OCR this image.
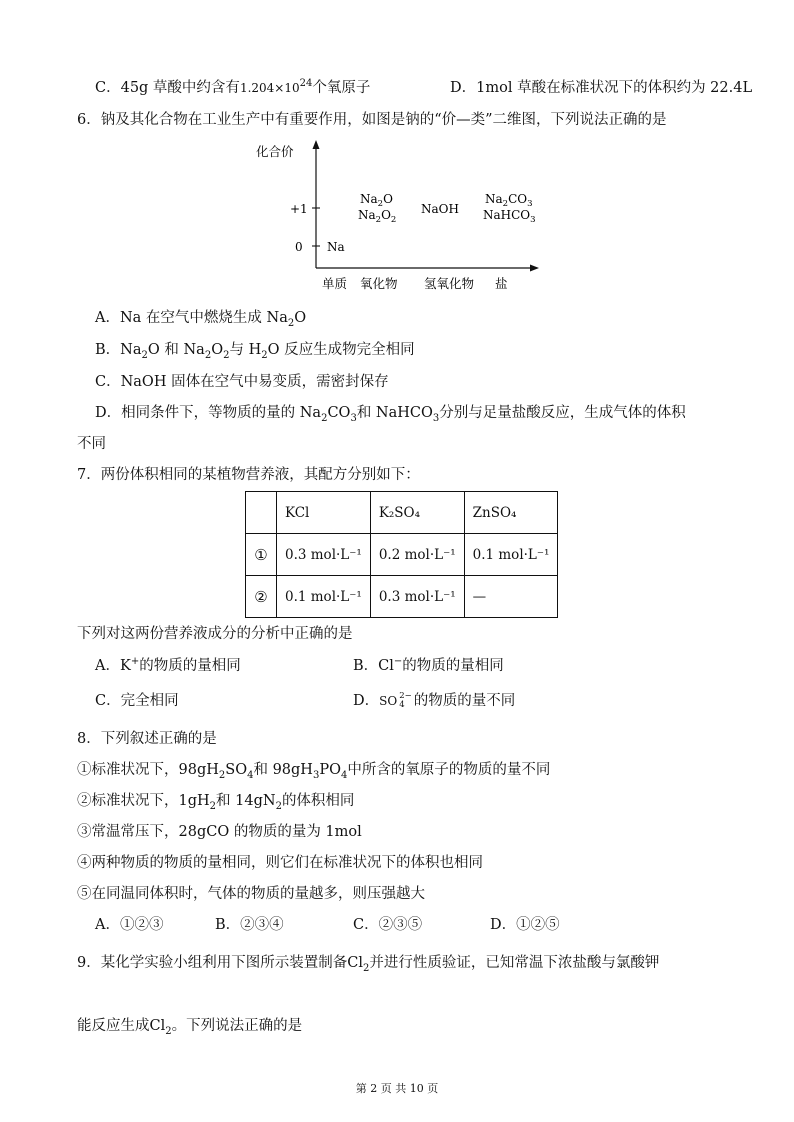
C．45g 草酸中约含有$1.204\times 10^{24}$个氧原子	D．1mol 草酸在标准状况下的体积约为 22.4L
6．钠及其化合物在工业生产中有重要作用，如图是钠的“价—类”二维图，下列说法正确的是
化合价
+1
0
单质 氧化物 氢氧化物 盐
Na
$Na_2O$
$Na_2O_2$
NaOH
$Na_2CO_3$
NaHCO$_3$
A．Na 在空气中燃烧生成 $Na_2O$
B．$Na_2O$ 和 $Na_2O_2$与 $H_2O$ 反应生成物完全相同
C．NaOH 固体在空气中易变质，需密封保存
D．相同条件下，等物质的量的 $Na_2CO_3$和 NaHCO$_3$分别与足量盐酸反应，生成气体的体积
不同
7．两份体积相同的某植物营养液，其配方分别如下：
	KCl	K₂SO₄	ZnSO₄
①	0.3 mol·L⁻¹	0.2 mol·L⁻¹	0.1 mol·L⁻¹
②	0.1 mol·L⁻¹	0.3 mol·L⁻¹	—
下列对这两份营养液成分的分析中正确的是
A．K+的物质的量相同	B．Cl−的物质的量相同
C．完全相同	D．SO 2−
4 的物质的量不同
8．下列叙述正确的是
①标准状况下，$98gH_2SO_4$和 $98gH_3PO_4$中所含的氧原子的物质的量不同
②标准状况下，$1gH_2$和 $14gN_2$的体积相同
③常温常压下，28gCO 的物质的量为 1mol
④两种物质的物质的量相同，则它们在标准状况下的体积也相同
⑤在同温同体积时，气体的物质的量越多，则压强越大
A．①②③	B．②③④	C．②③⑤	D．①②⑤
9．某化学实验小组利用下图所示装置制备$Cl_2$并进行性质验证，已知常温下浓盐酸与氯酸钾
能反应生成$Cl_2$。下列说法正确的是
第 2 页 共 10 页
